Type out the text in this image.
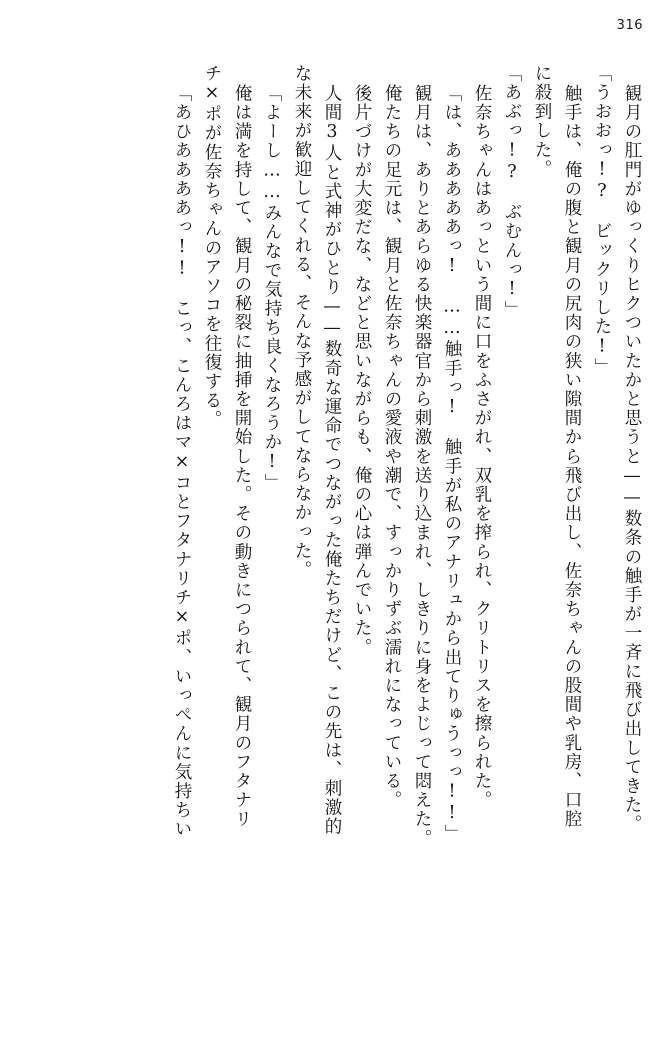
316
観月の肛門がゆっくりヒクついたかと思うと——数条の触手が一斉に飛び出してきた。
「うおおっ!?　ビックリした!」
触手は、俺の腹と観月の尻肉の狭い隙間から飛び出し、佐奈ちゃんの股間や乳房、口腔
に殺到した。
「あぶっ!?　ぶむんっ!」
佐奈ちゃんはあっという間に口をふさがれ、双乳を搾られ、クリトリスを擦られた。
「は、あああああっ!　……触手っ!　触手が私のアナリュから出てりゅうっっ!!」
観月は、ありとあらゆる快楽器官から刺激を送り込まれ、しきりに身をよじって悶えた。
俺たちの足元は、観月と佐奈ちゃんの愛液や潮で、すっかりずぶ濡れになっている。
後片づけが大変だな、などと思いながらも、俺の心は弾んでいた。
人間3人と式神がひとり——数奇な運命でつながった俺たちだけど、この先は、刺激的
な未来が歓迎してくれる、そんな予感がしてならなかった。
「よーし……みんなで気持ち良くなろうか!」
俺は満を持して、観月の秘裂に抽挿を開始した。その動きにつられて、観月のフタナリ
チ×ポが佐奈ちゃんのアソコを往復する。
「あひああああっ!!　こっ、こんろはマ×コとフタナリチ×ポ、いっぺんに気持ちい
